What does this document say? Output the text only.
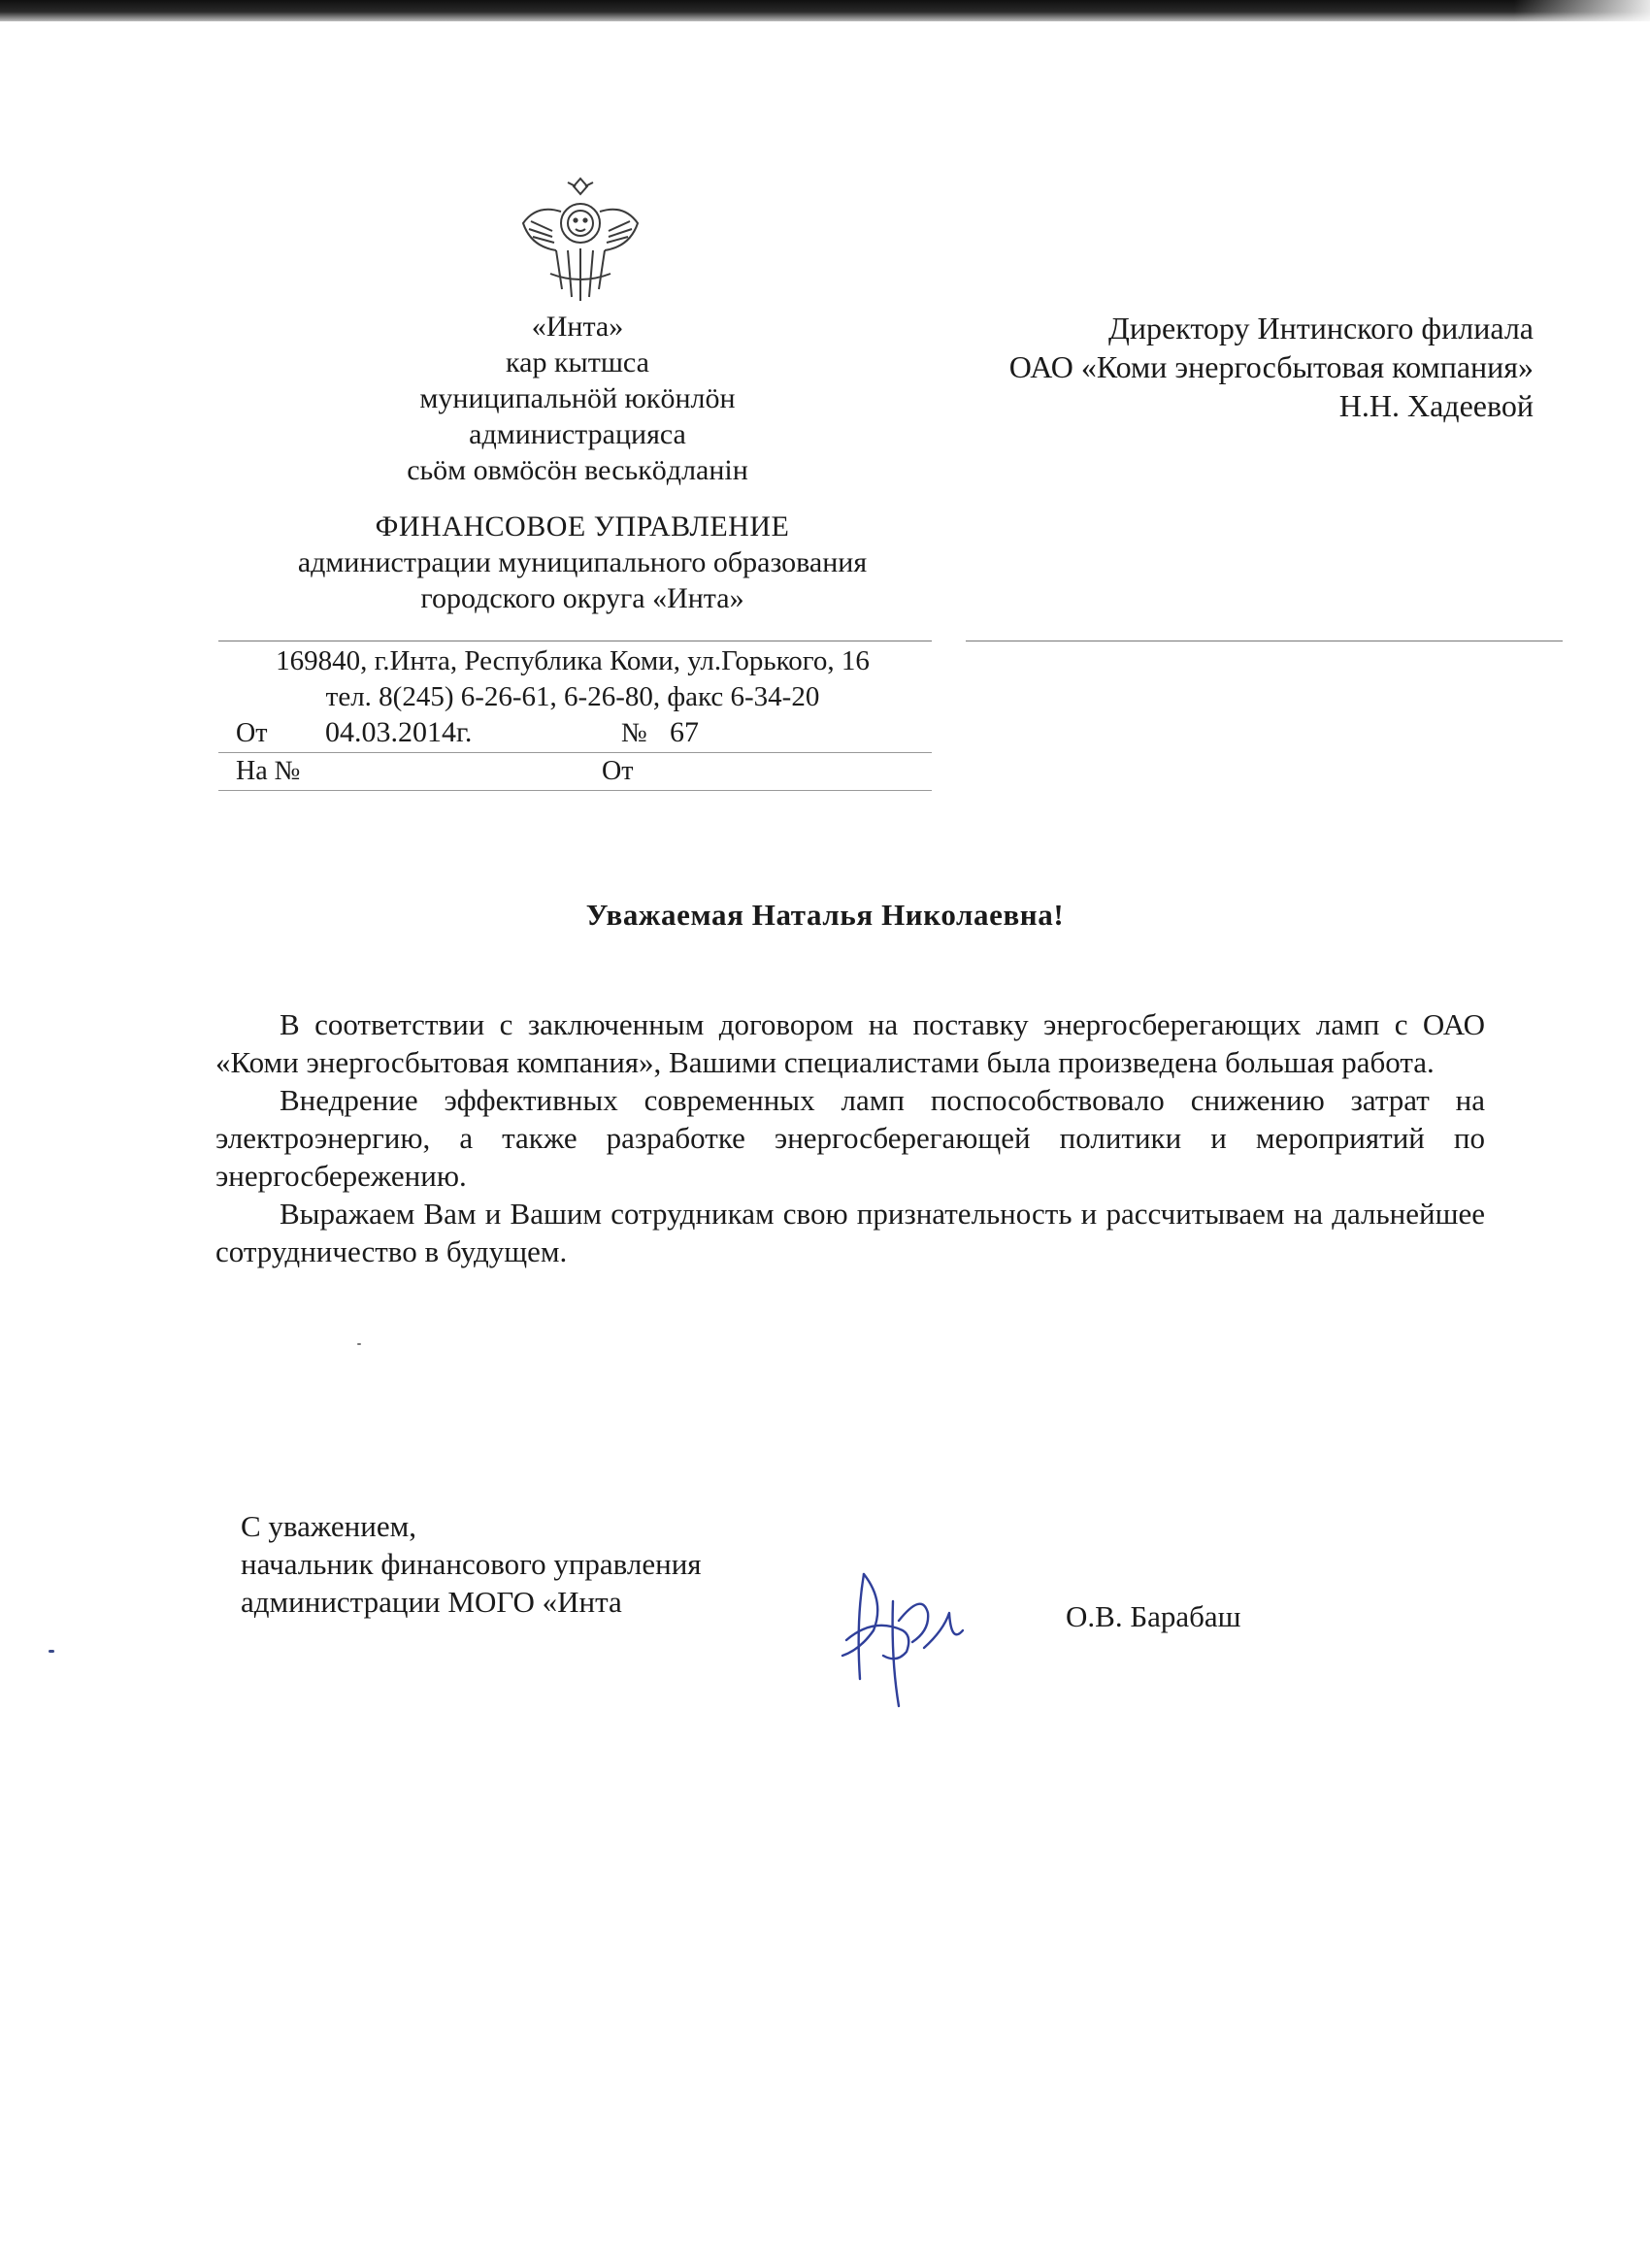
«Инта»
кар кытшса
муниципальнӧй юкӧнлӧн
администрацияса
сьӧм овмӧсӧн веськӧдланiн
ФИНАНСОВОЕ УПРАВЛЕНИЕ
администрации муниципального образования
городского округа «Инта»
Директору Интинского филиала
ОАО «Коми энергосбытовая компания»
Н.Н. Хадеевой
169840, г.Инта, Республика Коми, ул.Горького, 16
тел. 8(245) 6-26-61, 6-26-80, факс 6-34-20
От 04.03.2014г.	№ 67
На №	От
Уважаемая Наталья Николаевна!

В соответствии с заключенным договором на поставку энергосберегающих ламп с ОАО «Коми энергосбытовая компания», Вашими специалистами была произведена большая работа.

Внедрение эффективных современных ламп поспособствовало снижению затрат на электроэнергию, а также разработке энергосберегающей политики и мероприятий по энергосбережению.

Выражаем Вам и Вашим сотрудникам свою признательность и рассчитываем на дальнейшее сотрудничество в будущем.

С уважением,
начальник финансового управления
администрации МОГО «Инта	О.В. Барабаш
